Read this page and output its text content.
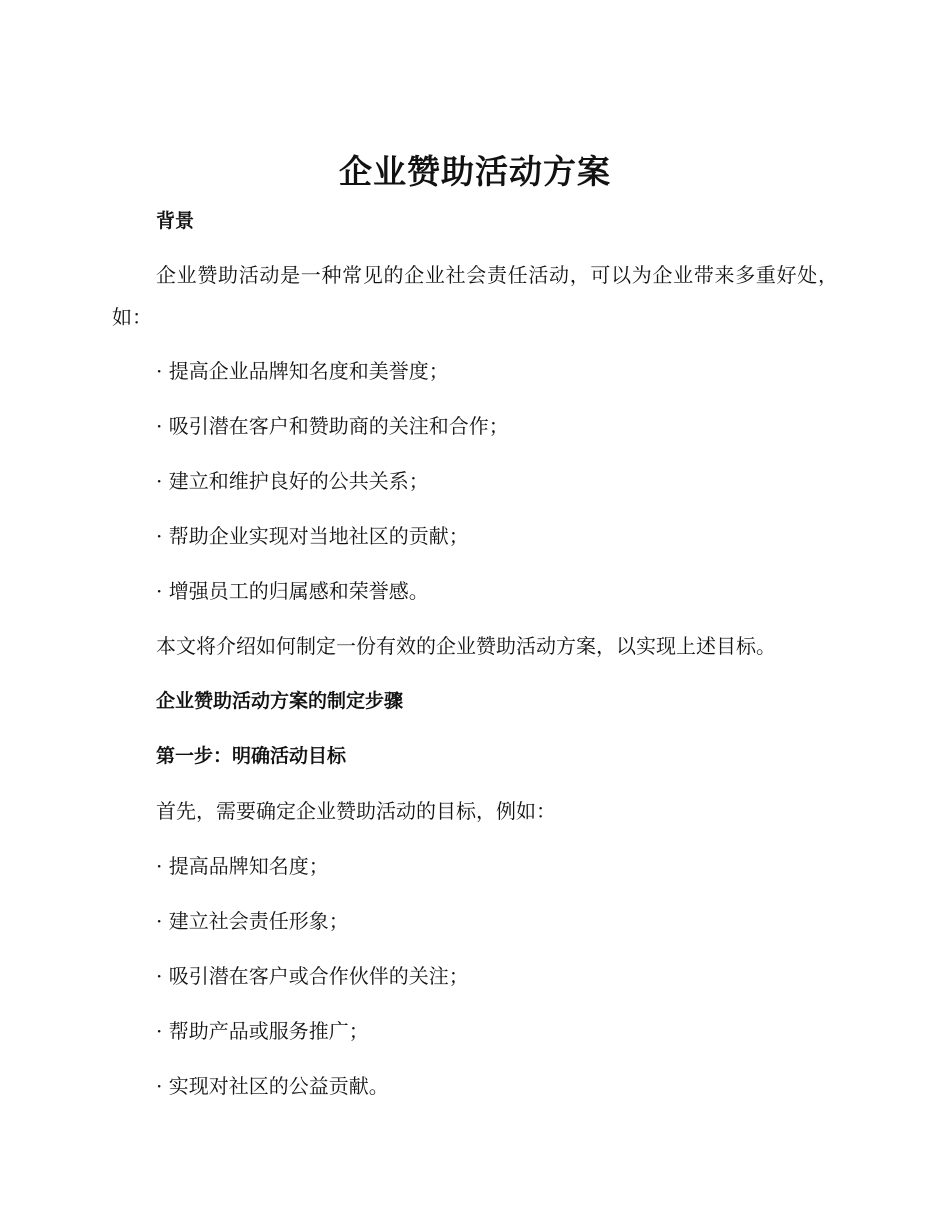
企业赞助活动方案

背景

企业赞助活动是一种常见的企业社会责任活动，可以为企业带来多重好处，如：

· 提高企业品牌知名度和美誉度；

· 吸引潜在客户和赞助商的关注和合作；

· 建立和维护良好的公共关系；

· 帮助企业实现对当地社区的贡献；

· 增强员工的归属感和荣誉感。

本文将介绍如何制定一份有效的企业赞助活动方案，以实现上述目标。

企业赞助活动方案的制定步骤

第一步：明确活动目标

首先，需要确定企业赞助活动的目标，例如：

· 提高品牌知名度；

· 建立社会责任形象；

· 吸引潜在客户或合作伙伴的关注；

· 帮助产品或服务推广；

· 实现对社区的公益贡献。
